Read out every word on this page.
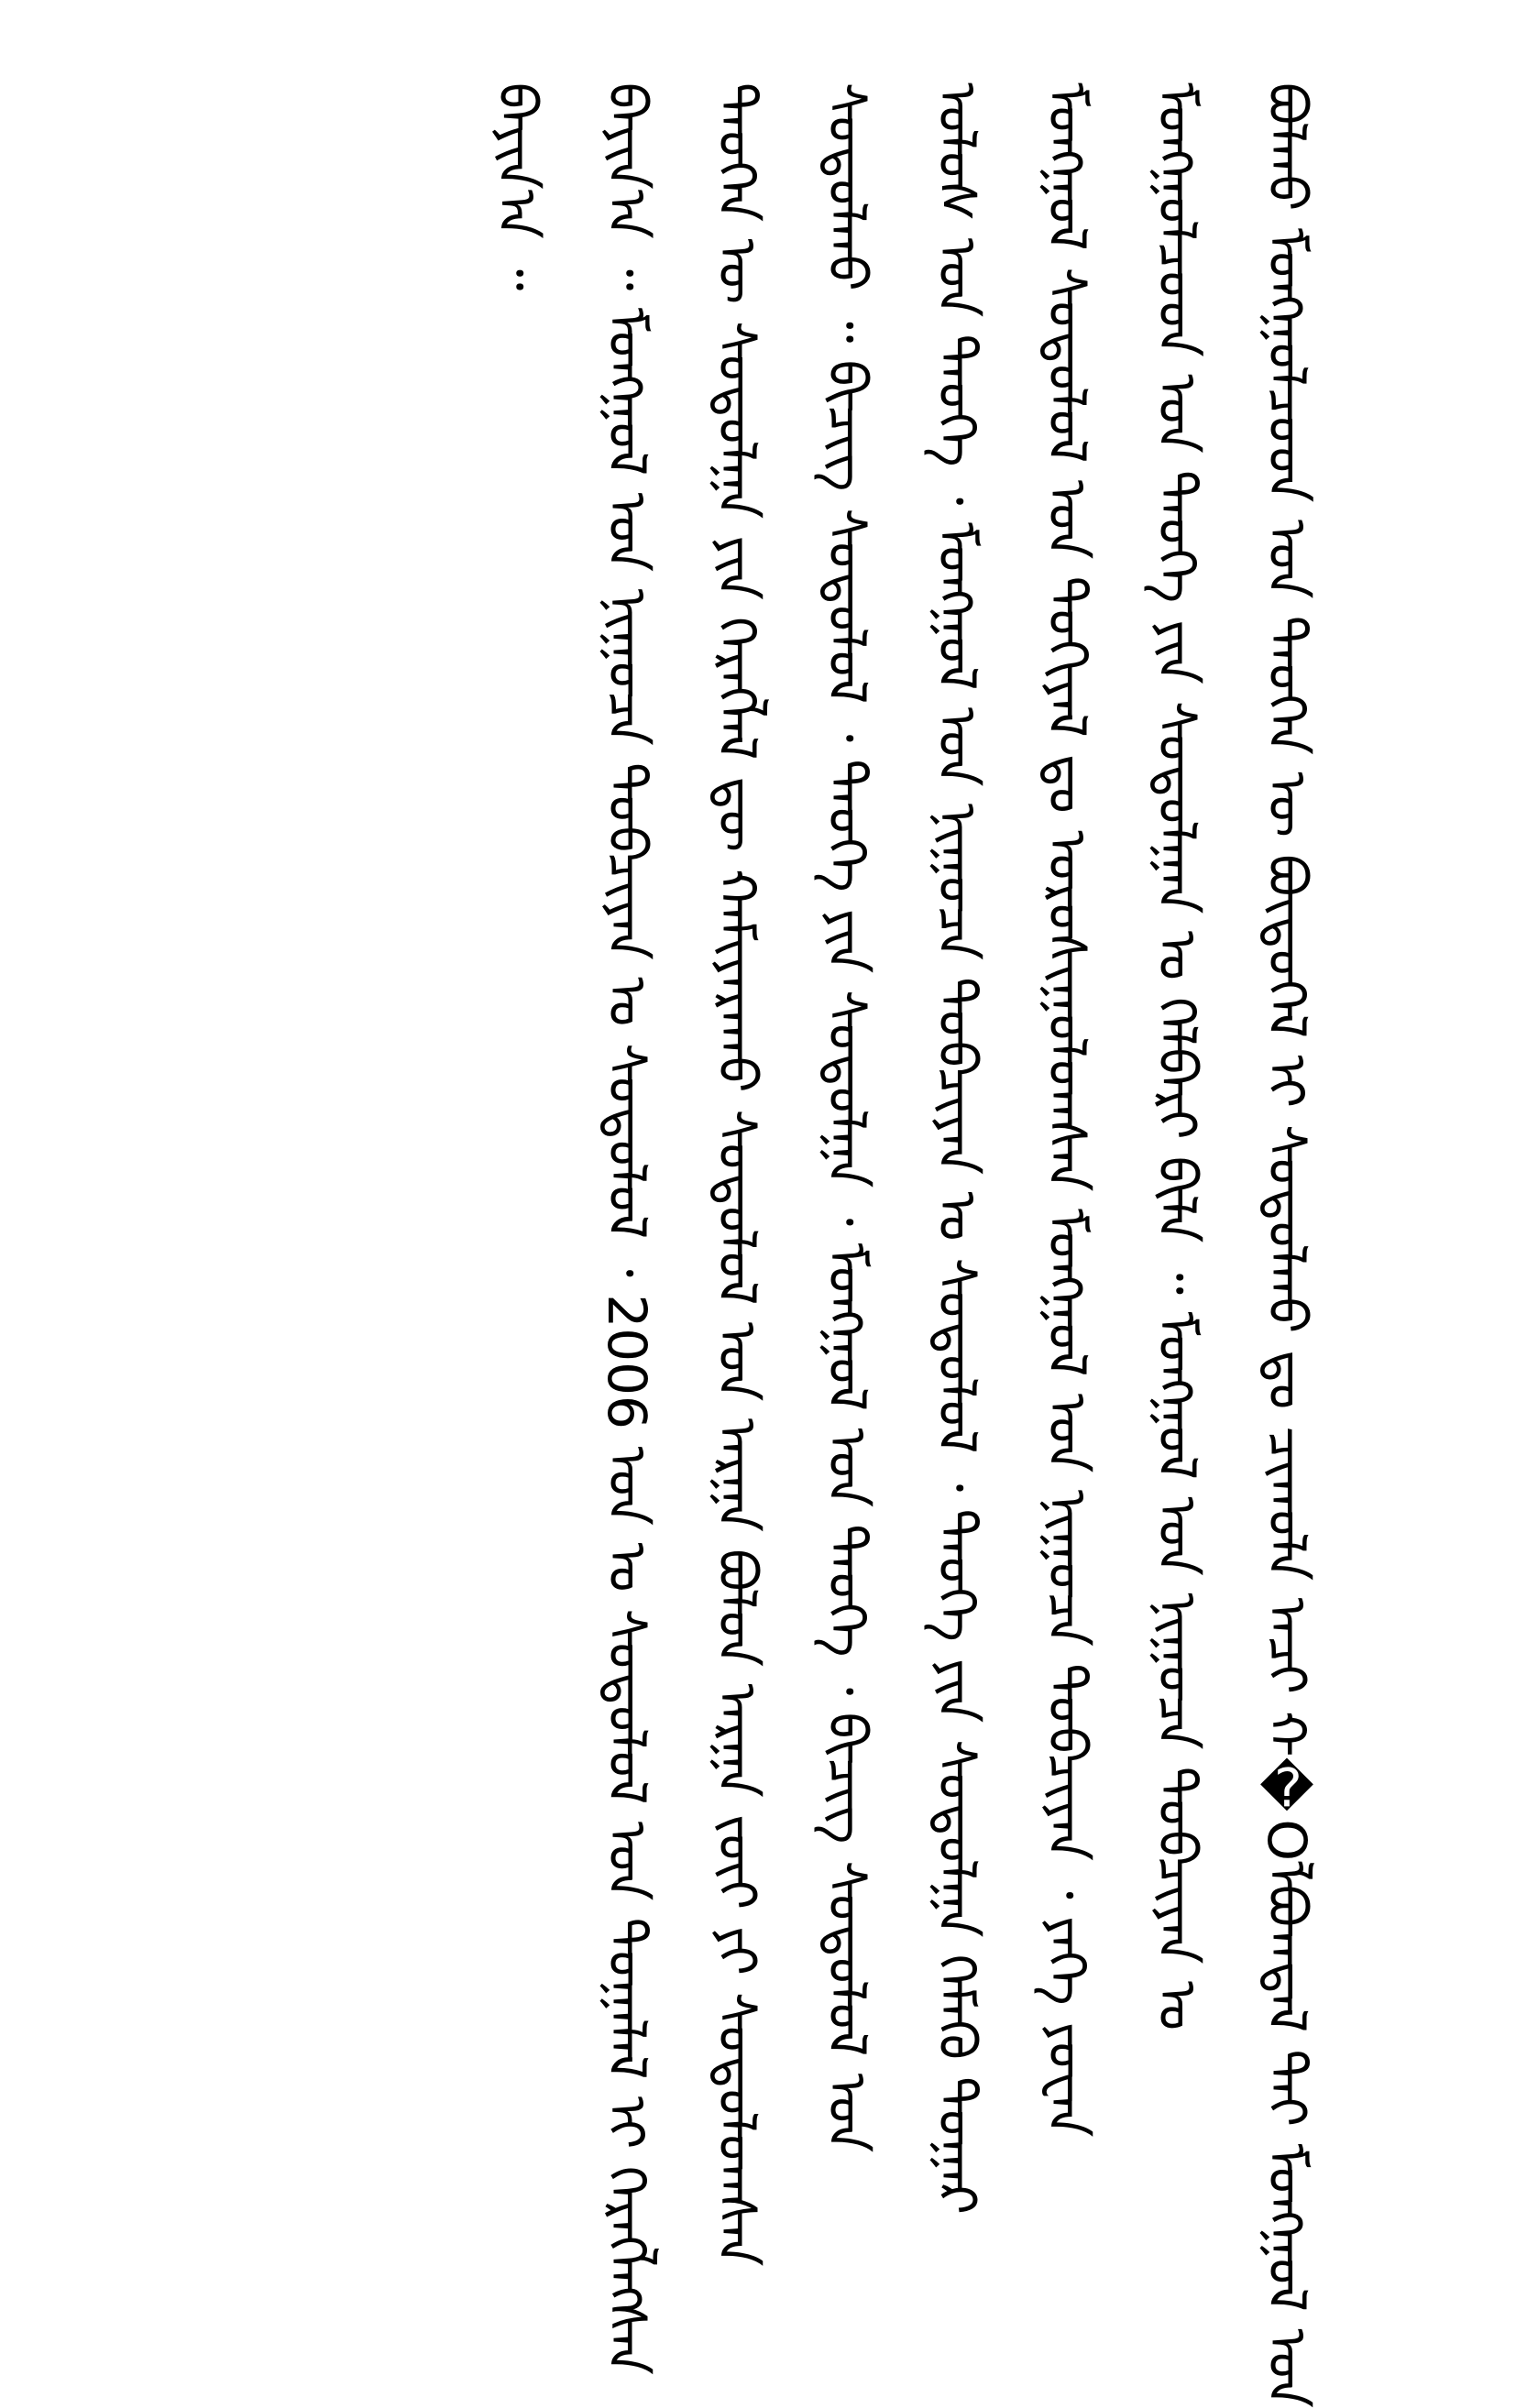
ᠪᠣᠯᠬᠤ ᠮᠣᠩᠭᠣᠯᠴᠤᠳ ᠤᠨ ᠲᠡᠦᠬᠡᠨ ᠦ ᠪᠦᠲᠦᠭᠡᠯ ᠢ ᠰᠤᠳᠤᠯᠬᠤ ᠳᠤ ᠴᠢᠬᠤᠯᠠ ᠠᠴᠢ ᠬ�Оᠯᠪᠣᠭᠳᠠᠯ ᠲᠠᠢ ᠮᠣᠩᠭᠣᠯ ᠤᠨ

ᠮᠣᠩᠭᠣᠯᠴᠤᠳ ᠤᠨ ᠲᠡᠦᠬᠡ ᠶᠢᠨ ᠰᠤᠳᠤᠯᠭᠠᠨ ᠤ ᠬᠡᠯᠪᠡᠷᠢ ᠪᠢᠯᠡ ᠃ ᠮᠣᠩᠭᠣᠯ ᠤᠨ ᠨᠢᠭᠤᠴᠠ ᠲᠣᠪᠴᠢᠶᠠᠨ ᠤ

ᠮᠣᠩᠭᠣᠯ ᠰᠤᠳᠤᠯᠤᠯ ᠤᠨ ᠲᠣᠬᠢᠶᠠᠯ ᠳᠤ ᠣᠷᠣᠰᠢᠭᠤᠯᠤᠭᠰᠠᠨ ᠮᠣᠩᠭᠣᠯ ᠤᠨ ᠨᠢᠭᠤᠴᠠ ᠲᠣᠪᠴᠢᠶᠠᠨ ᠂ ᠶᠡᠬᠡ ᠶᠤᠸᠠᠨ

ᠤᠯᠤᠰ ᠤᠨ ᠲᠡᠦᠬᠡ ᠂ ᠮᠣᠩᠭᠣᠯ ᠤᠨ ᠨᠢᠭᠤᠴᠠ ᠲᠣᠪᠴᠢᠶᠠᠨ ᠤ ᠰᠤᠳᠤᠯᠤᠯ ᠂ ᠲᠡᠦᠬᠡ ᠶᠢᠨ ᠰᠤᠳᠤᠯᠭᠠ ᠬᠡᠮᠡᠬᠦ ᠳᠤᠭᠠᠷ

ᠰᠤᠳᠤᠯᠬᠤ ᠃ ᠪᠢᠴᠢᠭ ᠰᠤᠳᠤᠯᠤᠯ ᠂ ᠲᠡᠦᠬᠡ ᠶᠢᠨ ᠰᠤᠳᠤᠯᠭᠠ ᠂ ᠮᠣᠩᠭᠣᠯ ᠤᠨ ᠲᠡᠦᠬᠡ ᠂ ᠪᠢᠴᠢᠭ ᠰᠤᠳᠤᠯᠤᠯ ᠤᠨ

ᠲᠡᠦᠬᠡᠨ ᠦ ᠰᠤᠳᠤᠯᠭᠠ ᠶᠢᠨ ᠬᠡᠷᠡᠭᠯᠡᠯ ᠳᠦ ᠬᠠᠮᠢᠶᠠᠷᠠᠬᠤ ᠰᠤᠳᠤᠯᠤᠯ ᠤᠨ ᠠᠷᠭᠠ ᠪᠣᠯᠤᠨ ᠠᠷᠭᠠ ᠵᠦᠢ ᠶᠢ ᠰᠤᠳᠤᠯᠤᠭᠰᠠᠨ

ᠪᠠᠶᠢᠨ᠎ᠠ ᠃ ᠮᠣᠩᠭᠣᠯ ᠤᠨ ᠨᠢᠭᠤᠴᠠ ᠲᠣᠪᠴᠢᠶᠠᠨ ᠤ ᠰᠤᠳᠤᠯᠤᠯ ᠂ 2006 ᠣᠨ ᠤ ᠰᠤᠳᠤᠯᠤᠯ ᠤᠨ ᠲᠣᠭᠠᠯᠠᠯ ᠢ ᠬᠡᠷᠡᠭᠯᠡᠭᠰᠡᠨ

ᠪᠠᠶᠢᠨ᠎ᠠ ᠃
